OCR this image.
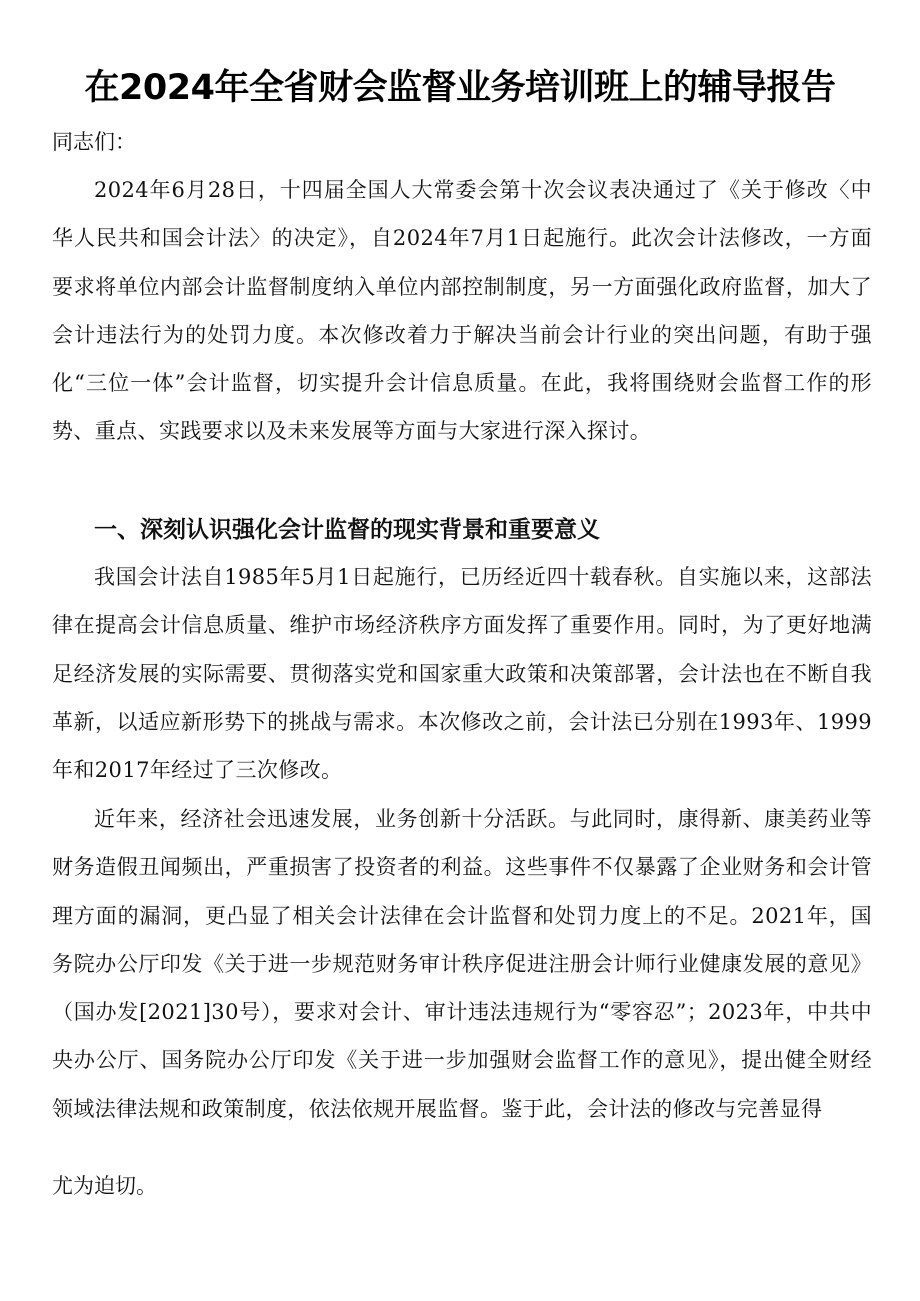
在2024年全省财会监督业务培训班上的辅导报告
同志们：
2024年6月28日，十四届全国人大常委会第十次会议表决通过了《关于修改〈中华人民共和国会计法〉的决定》，自2024年7月1日起施行。此次会计法修改，一方面要求将单位内部会计监督制度纳入单位内部控制制度，另一方面强化政府监督，加大了会计违法行为的处罚力度。本次修改着力于解决当前会计行业的突出问题，有助于强化“三位一体”会计监督，切实提升会计信息质量。在此，我将围绕财会监督工作的形势、重点、实践要求以及未来发展等方面与大家进行深入探讨。
一、深刻认识强化会计监督的现实背景和重要意义
我国会计法自1985年5月1日起施行，已历经近四十载春秋。自实施以来，这部法律在提高会计信息质量、维护市场经济秩序方面发挥了重要作用。同时，为了更好地满足经济发展的实际需要、贯彻落实党和国家重大政策和决策部署，会计法也在不断自我革新，以适应新形势下的挑战与需求。本次修改之前，会计法已分别在1993年、1999年和2017年经过了三次修改。
近年来，经济社会迅速发展，业务创新十分活跃。与此同时，康得新、康美药业等财务造假丑闻频出，严重损害了投资者的利益。这些事件不仅暴露了企业财务和会计管理方面的漏洞，更凸显了相关会计法律在会计监督和处罚力度上的不足。2021年，国务院办公厅印发《关于进一步规范财务审计秩序促进注册会计师行业健康发展的意见》（国办发[2021]30号），要求对会计、审计违法违规行为“零容忍”；2023年，中共中央办公厅、国务院办公厅印发《关于进一步加强财会监督工作的意见》，提出健全财经领域法律法规和政策制度，依法依规开展监督。鉴于此，会计法的修改与完善显得
尤为迫切。
